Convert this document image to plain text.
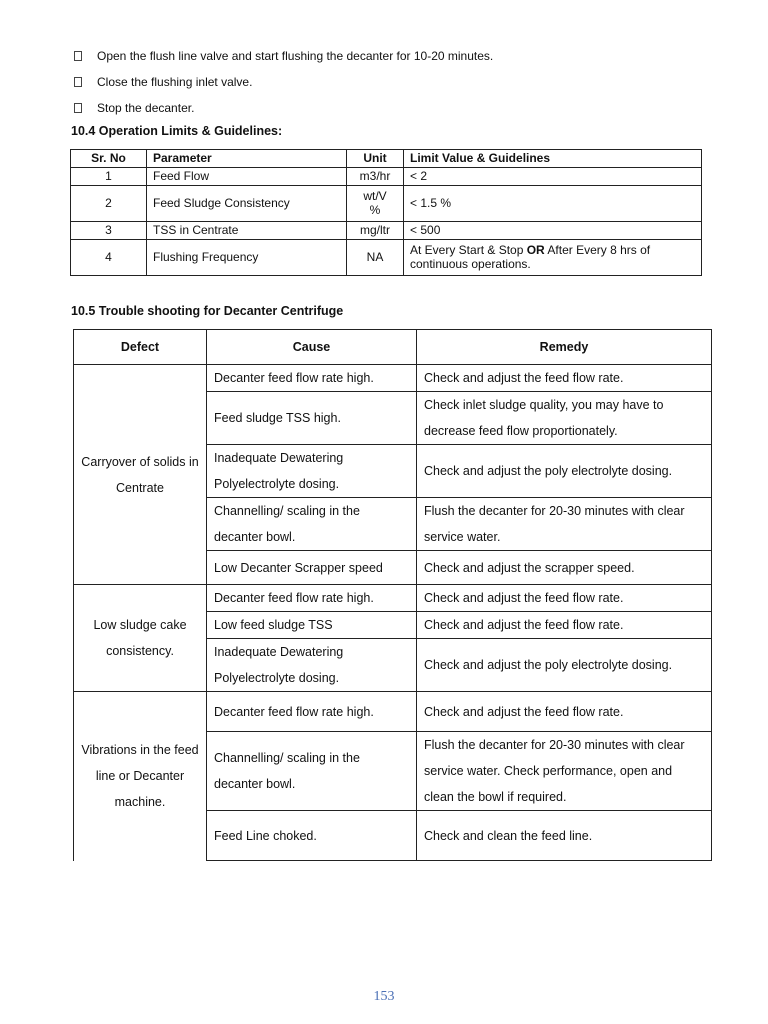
Open the flush line valve and start flushing the decanter for 10-20 minutes.
Close the flushing inlet valve.
Stop the decanter.
10.4 Operation Limits & Guidelines:
Sr. No	Parameter	Unit	Limit Value & Guidelines
1	Feed Flow	m3/hr	< 2
2	Feed Sludge Consistency	wt/V %	< 1.5 %
3	TSS in Centrate	mg/ltr	< 500
4	Flushing Frequency	NA	At Every Start & Stop OR After Every 8 hrs of continuous operations.
10.5 Trouble shooting for Decanter Centrifuge
Defect	Cause	Remedy
Carryover of solids in Centrate	Decanter feed flow rate high.	Check and adjust the feed flow rate.
	Feed sludge TSS high.	Check inlet sludge quality, you may have to decrease feed flow proportionately.
	Inadequate Dewatering Polyelectrolyte dosing.	Check and adjust the poly electrolyte dosing.
	Channelling/ scaling in the decanter bowl.	Flush the decanter for 20-30 minutes with clear service water.
	Low Decanter Scrapper speed	Check and adjust the scrapper speed.
Low sludge cake consistency.	Decanter feed flow rate high.	Check and adjust the feed flow rate.
	Low feed sludge TSS	Check and adjust the feed flow rate.
	Inadequate Dewatering Polyelectrolyte dosing.	Check and adjust the poly electrolyte dosing.
Vibrations in the feed line or Decanter machine.	Decanter feed flow rate high.	Check and adjust the feed flow rate.
	Channelling/ scaling in the decanter bowl.	Flush the decanter for 20-30 minutes with clear service water. Check performance, open and clean the bowl if required.
	Feed Line choked.	Check and clean the feed line.
153
